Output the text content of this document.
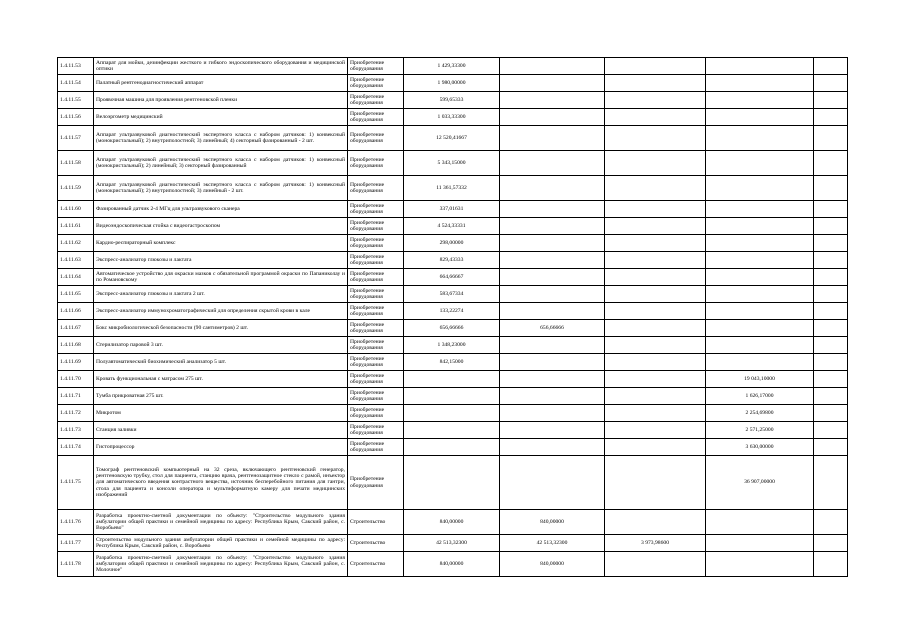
1.4.11.53	Аппарат для мойки, дезинфекции жесткого и гибкого эндоскопического оборудования и медицинской оптики	Приобретение оборудования	1 429,33300				
1.4.11.54	Палатный рентгенодиагностический аппарат	Приобретение оборудования	1 980,00000				
1.4.11.55	Проявочная машина для проявления рентгеновской пленки	Приобретение оборудования	599,65333				
1.4.11.56	Велоэргометр медицинский	Приобретение оборудования	1 033,33300				
1.4.11.57	Аппарат ультразвуковой диагностический экспертного класса с набором датчиков: 1) конвексный (монокристальный); 2) внутриполостной; 3) линейный; 4) секторный фазированный - 2 шт.	Приобретение оборудования	12 520,41667				
1.4.11.58	Аппарат ультразвуковой диагностический экспертного класса с набором датчиков: 1) конвексный (монокристальный); 2) линейный; 3) секторный фазированный	Приобретение оборудования	5 343,15000				
1.4.11.59	Аппарат ультразвуковой диагностический экспертного класса с набором датчиков: 1) конвексный (монокристальный); 2) внутриполостной; 3) линейный - 2 шт.	Приобретение оборудования	11 361,57332				
1.4.11.60	Фазированный датчик 2-4 МГц для ультразвукового сканера	Приобретение оборудования	337,01631				
1.4.11.61	Видеоэндоскопическая стойка с видеогастроскопом	Приобретение оборудования	4 524,33331				
1.4.11.62	Кардио-респираторный комплекс	Приобретение оборудования	298,00000				
1.4.11.63	Экспресс-анализатор глюкозы и лактата	Приобретение оборудования	829,43333				
1.4.11.64	Автоматическое устройство для окраски мазков с обязательной программой окраски по Папаниколау и по Романовскому	Приобретение оборудования	664,66667				
1.4.11.65	Экспресс-анализатор глюкозы и лактата 2 шт.	Приобретение оборудования	583,67334				
1.4.11.66	Экспресс-анализатор иммунохроматографический для определения скрытой крови в кале	Приобретение оборудования	133,22274				
1.4.11.67	Бокс микробиологической безопасности (90 сантиметров) 2 шт.	Приобретение оборудования	656,66666	656,66666			
1.4.11.68	Стерилизатор паровой 3 шт.	Приобретение оборудования	1 348,23000				
1.4.11.69	Полуавтоматический биохимический анализатор 5 шт.	Приобретение оборудования	842,15000				
1.4.11.70	Кровать функциональная с матрасом 275 шт.	Приобретение оборудования				19 043,10000	
1.4.11.71	Тумба прикроватная 275 шт.	Приобретение оборудования				1 626,17000	
1.4.11.72	Микротом	Приобретение оборудования				2 254,69800	
1.4.11.73	Станция заливки	Приобретение оборудования				2 571,25000	
1.4.11.74	Гистопроцессор	Приобретение оборудования				3 630,00000	
1.4.11.75	Томограф рентгеновский компьютерный на 32 среза, включающего рентгеновский генератор, рентгеновскую трубку, стол для пациента, станцию врача, рентгенозащитное стекло с рамой, инъектор для автоматического введения контрастного вещества, источник бесперебойного питания для гантри, стола для пациента и консоли оператора и мультиформатную камеру для печати медицинских изображений	Приобретение оборудования				36 907,00000	
1.4.11.76	Разработка проектно-сметной документации по объекту: "Строительство модульного здания амбулатории общей практики и семейной медицины по адресу: Республика Крым, Сакский район, с. Воробьево"	Строительство	840,00000	840,00000			
1.4.11.77	Строительство модульного здания амбулатории общей практики и семейной медицины по адресу: Республика Крым, Сакский район, с. Воробьево	Строительство	42 513,32300	42 513,32300	3 973,98600		
1.4.11.78	Разработка проектно-сметной документации по объекту: "Строительство модульного здания амбулатории общей практики и семейной медицины по адресу: Республика Крым, Сакский район, с. Молочное"	Строительство	840,00000	840,00000			
